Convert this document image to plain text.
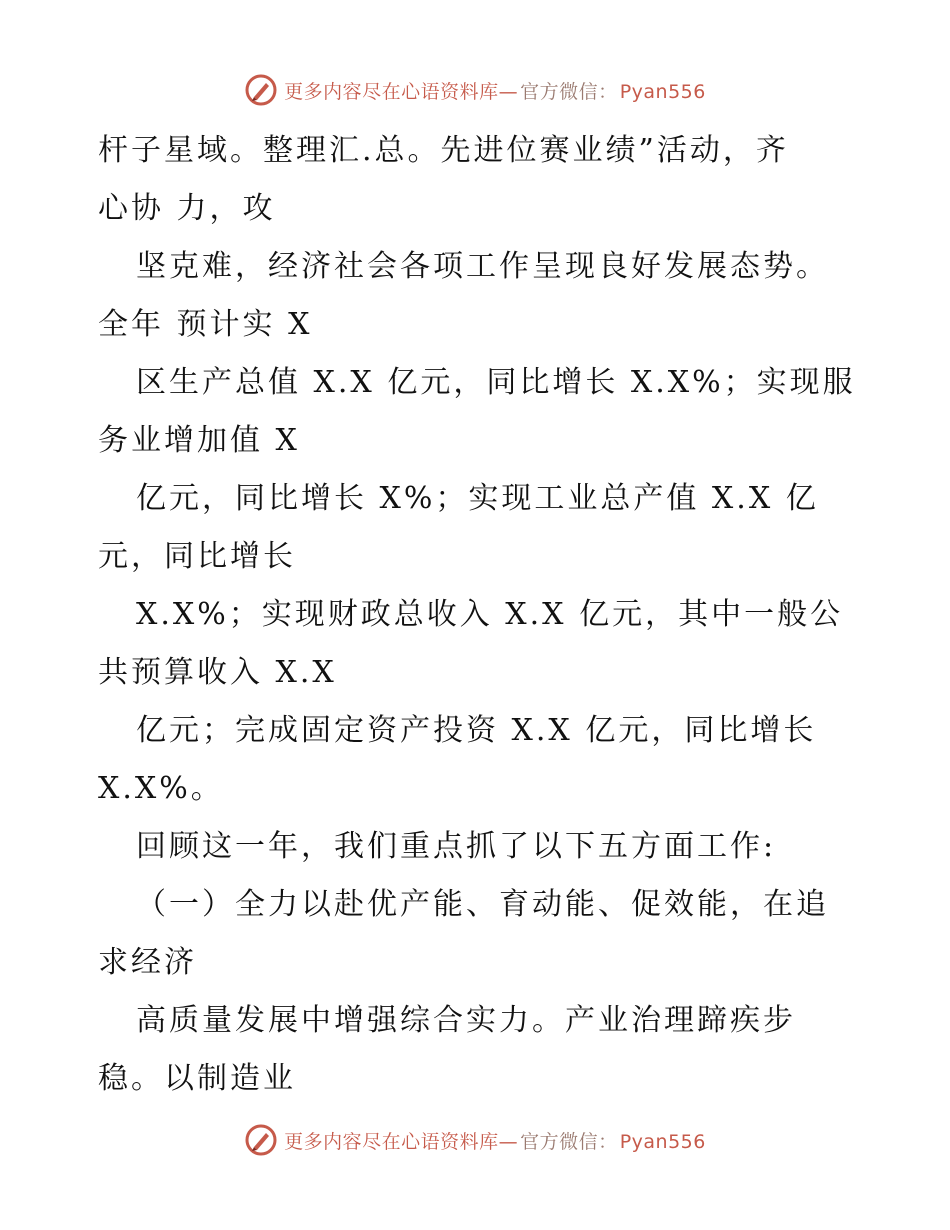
更多内容尽在心语资料库— 官方微信： Pyan556
杆子星域。整理汇.总。先进位赛业绩”活动，齐
心协 力，攻
坚克难，经济社会各项工作呈现良好发展态势。
全年 预计实 X
区生产总值 X.X 亿元，同比增长 X.X%；实现服
务业增加值 X
亿元，同比增长 X%；实现工业总产值 X.X 亿
元，同比增长
X.X%；实现财政总收入 X.X 亿元，其中一般公
共预算收入 X.X
亿元；完成固定资产投资 X.X 亿元，同比增长
X.X%。
回顾这一年，我们重点抓了以下五方面工作:
（一）全力以赴优产能、育动能、促效能，在追
求经济
高质量发展中增强综合实力。产业治理蹄疾步
稳。以制造业
更多内容尽在心语资料库— 官方微信： Pyan556
